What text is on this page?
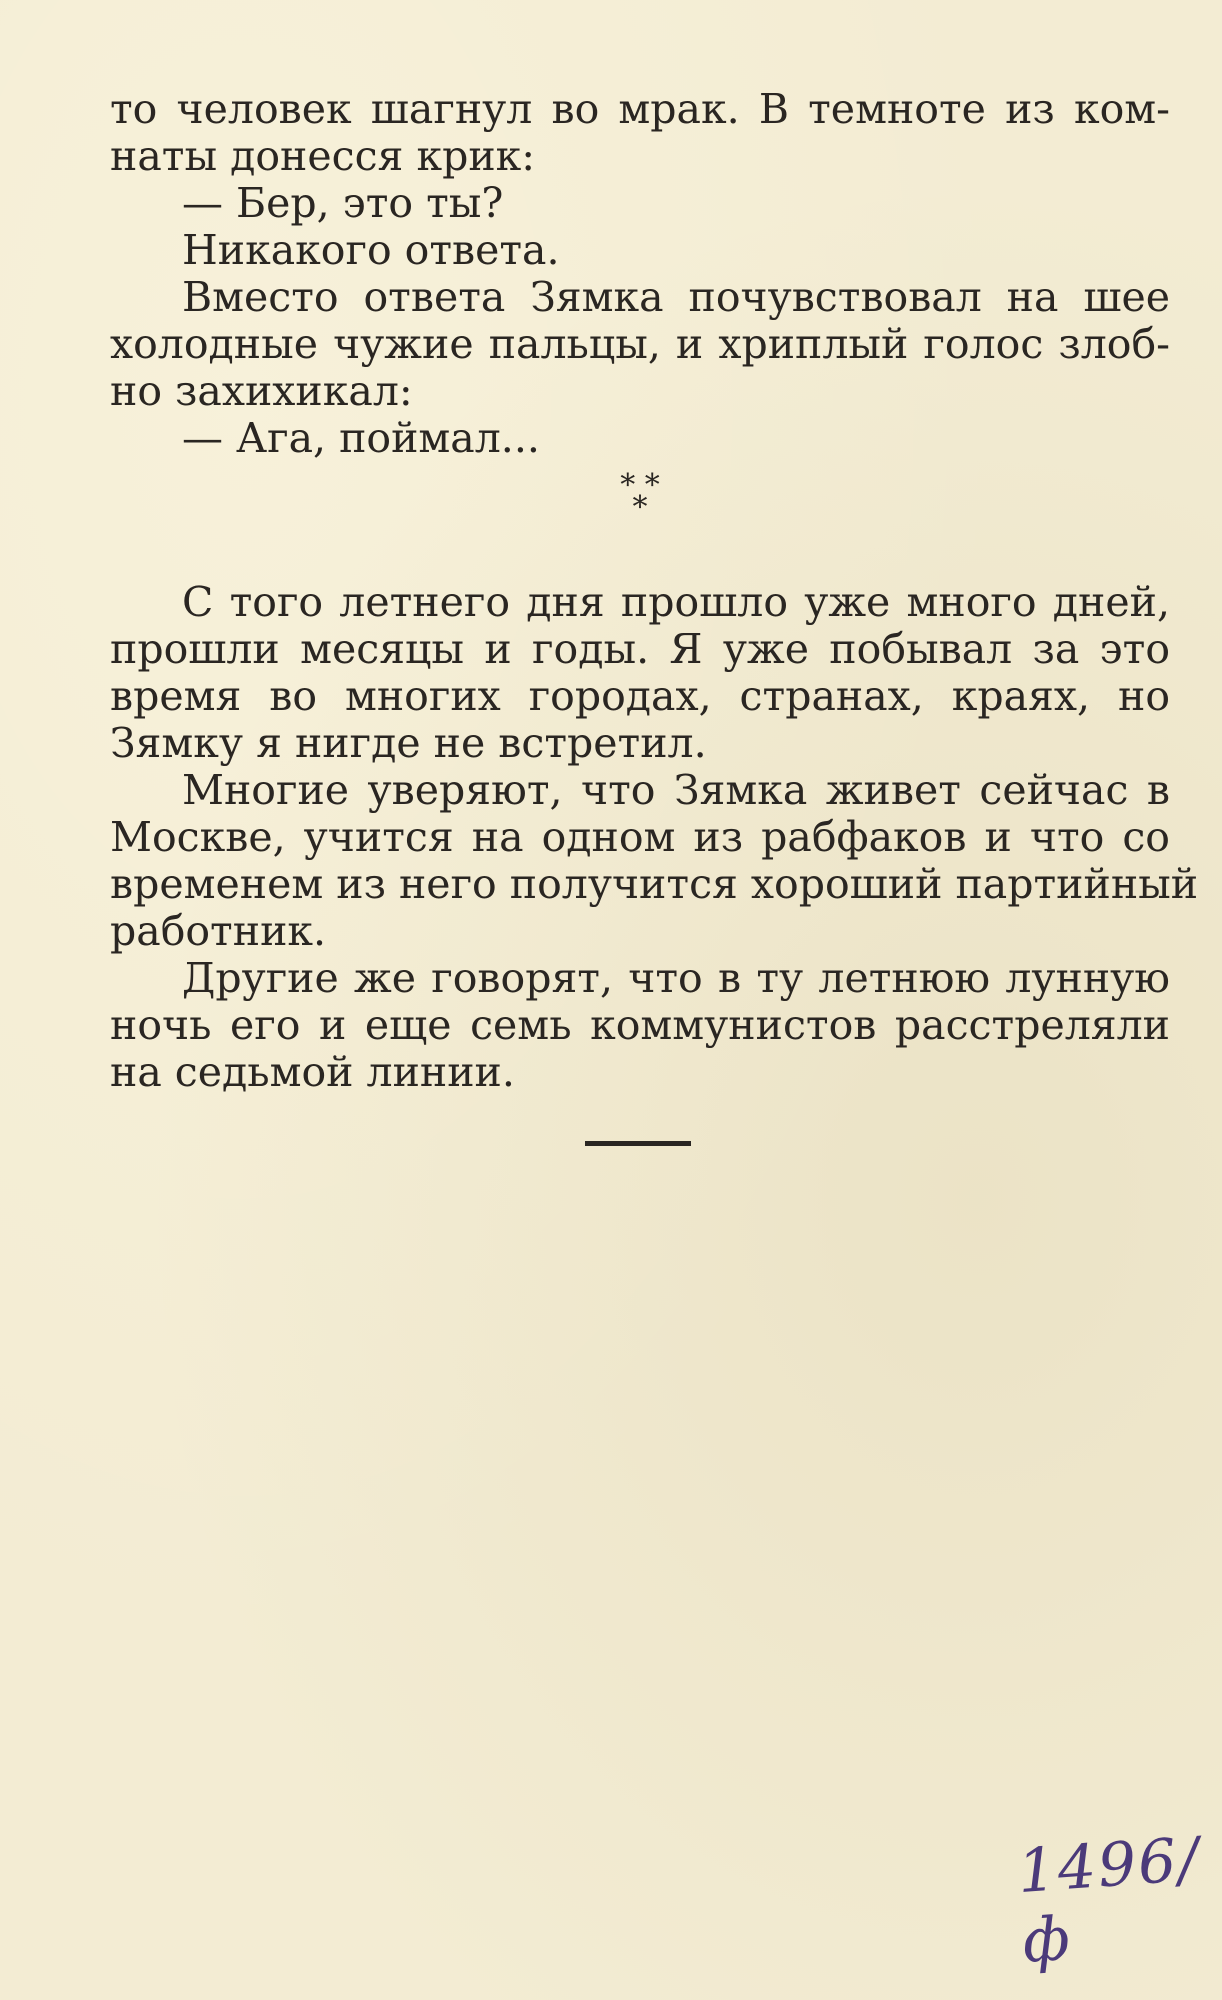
то человек шагнул во мрак. В темноте из ком-
наты донесся крик:
— Бер, это ты?
Никакого ответа.
Вместо ответа Зямка почувствовал на шее
холодные чужие пальцы, и хриплый голос злоб-
но захихикал:
— Ага, поймал...
С того летнего дня прошло уже много дней,
прошли месяцы и годы. Я уже побывал за это
время во многих городах, странах, краях, но
Зямку я нигде не встретил.
Многие уверяют, что Зямка живет сейчас в
Москве, учится на одном из рабфаков и что со
временем из него получится хороший партийный
работник.
Другие же говорят, что в ту летнюю лунную
ночь его и еще семь коммунистов расстреляли
на седьмой линии.
* *
*
1496/ф
